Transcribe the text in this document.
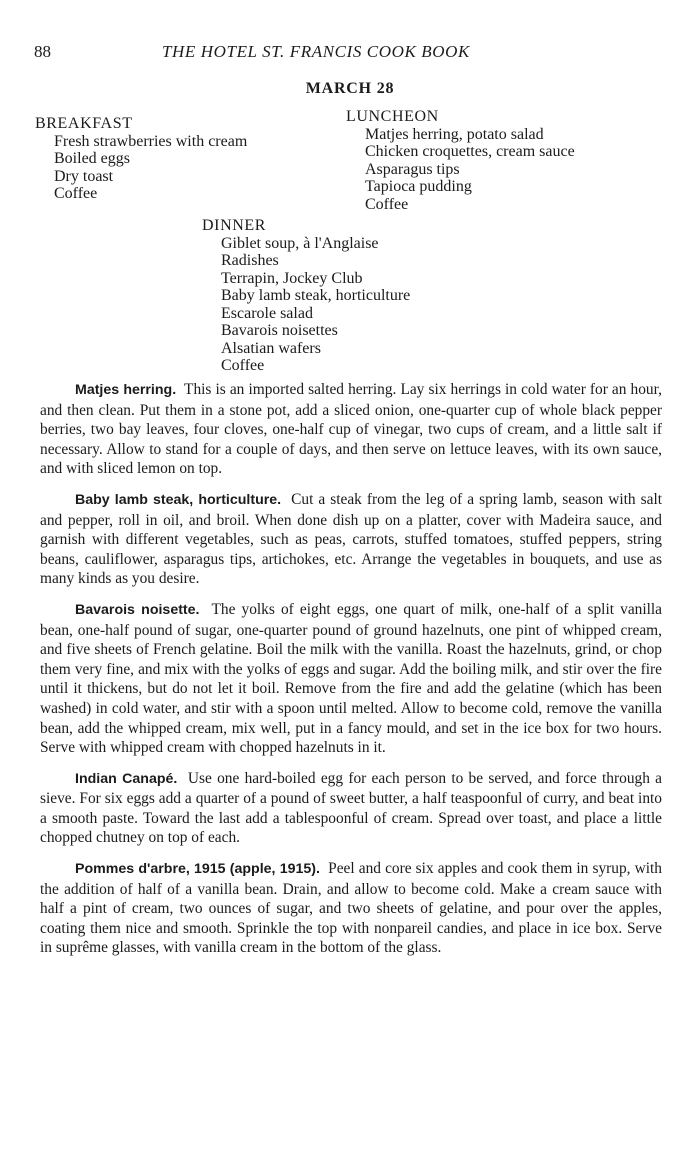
88	THE HOTEL ST. FRANCIS COOK BOOK
MARCH 28
BREAKFAST
Fresh strawberries with cream
Boiled eggs
Dry toast
Coffee
LUNCHEON
Matjes herring, potato salad
Chicken croquettes, cream sauce
Asparagus tips
Tapioca pudding
Coffee
DINNER
Giblet soup, à l'Anglaise
Radishes
Terrapin, Jockey Club
Baby lamb steak, horticulture
Escarole salad
Bavarois noisettes
Alsatian wafers
Coffee

Matjes herring. This is an imported salted herring. Lay six herrings in cold water for an hour, and then clean. Put them in a stone pot, add a sliced onion, one-quarter cup of whole black pepper berries, two bay leaves, four cloves, one-half cup of vinegar, two cups of cream, and a little salt if necessary. Allow to stand for a couple of days, and then serve on lettuce leaves, with its own sauce, and with sliced lemon on top.

Baby lamb steak, horticulture. Cut a steak from the leg of a spring lamb, season with salt and pepper, roll in oil, and broil. When done dish up on a platter, cover with Madeira sauce, and garnish with different vegetables, such as peas, carrots, stuffed tomatoes, stuffed peppers, string beans, cauliflower, asparagus tips, artichokes, etc. Arrange the vegetables in bouquets, and use as many kinds as you desire.

Bavarois noisette. The yolks of eight eggs, one quart of milk, one-half of a split vanilla bean, one-half pound of sugar, one-quarter pound of ground hazelnuts, one pint of whipped cream, and five sheets of French gelatine. Boil the milk with the vanilla. Roast the hazelnuts, grind, or chop them very fine, and mix with the yolks of eggs and sugar. Add the boiling milk, and stir over the fire until it thickens, but do not let it boil. Remove from the fire and add the gelatine (which has been washed) in cold water, and stir with a spoon until melted. Allow to become cold, remove the vanilla bean, add the whipped cream, mix well, put in a fancy mould, and set in the ice box for two hours. Serve with whipped cream with chopped hazelnuts in it.

Indian Canapé. Use one hard-boiled egg for each person to be served, and force through a sieve. For six eggs add a quarter of a pound of sweet butter, a half teaspoonful of curry, and beat into a smooth paste. Toward the last add a tablespoonful of cream. Spread over toast, and place a little chopped chutney on top of each.

Pommes d'arbre, 1915 (apple, 1915). Peel and core six apples and cook them in syrup, with the addition of half of a vanilla bean. Drain, and allow to become cold. Make a cream sauce with half a pint of cream, two ounces of sugar, and two sheets of gelatine, and pour over the apples, coating them nice and smooth. Sprinkle the top with nonpareil candies, and place in ice box. Serve in suprême glasses, with vanilla cream in the bottom of the glass.
